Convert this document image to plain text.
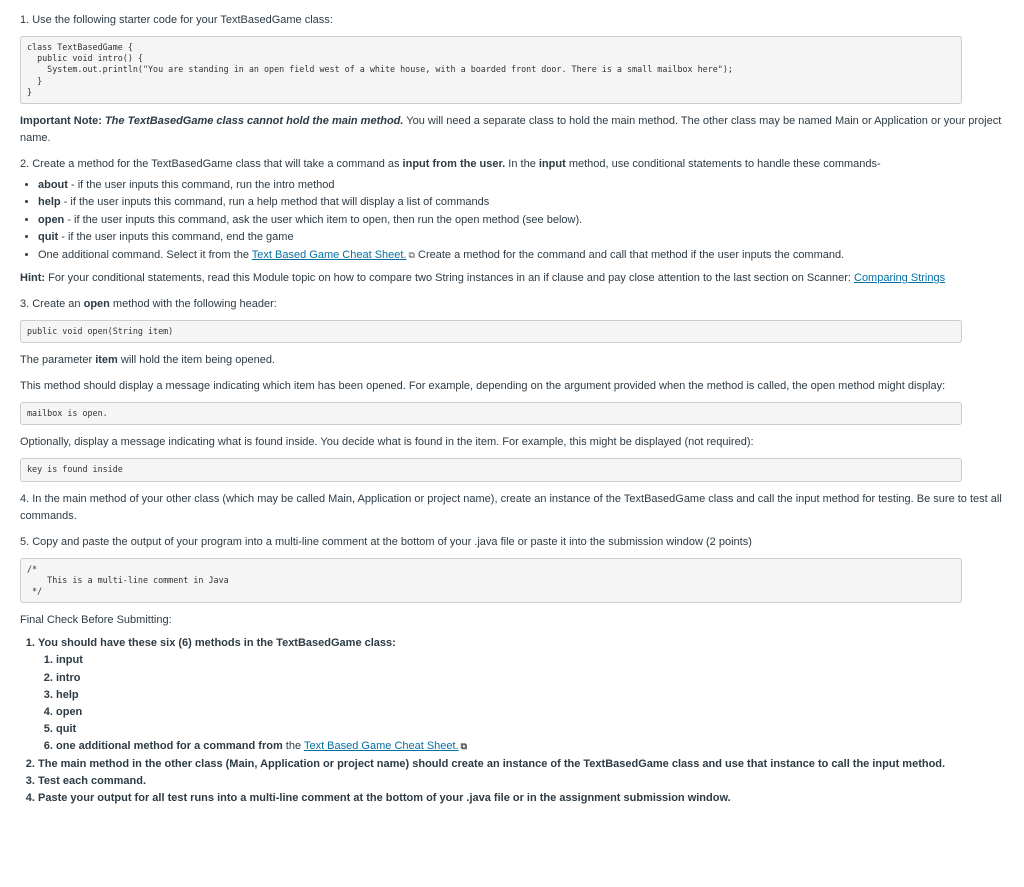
1. Use the following starter code for your TextBasedGame class:

class TextBasedGame {
public void intro() {
System.out.println("You are standing in an open field west of a white house, with a boarded front door. There is a small mailbox here");
}
}

Important Note: The TextBasedGame class cannot hold the main method. You will need a separate class to hold the main method. The other class may be named Main or Application or your project name.

2. Create a method for the TextBasedGame class that will take a command as input from the user. In the input method, use conditional statements to handle these commands-

• about - if the user inputs this command, run the intro method
• help - if the user inputs this command, run a help method that will display a list of commands
• open - if the user inputs this command, ask the user which item to open, then run the open method (see below).
• quit - if the user inputs this command, end the game
• One additional command. Select it from the Text Based Game Cheat Sheet. ⧉ Create a method for the command and call that method if the user inputs the command.

Hint: For your conditional statements, read this Module topic on how to compare two String instances in an if clause and pay close attention to the last section on Scanner: Comparing Strings

3. Create an open method with the following header:

public void open(String item)

The parameter item will hold the item being opened.

This method should display a message indicating which item has been opened. For example, depending on the argument provided when the method is called, the open method might display:

mailbox is open.

Optionally, display a message indicating what is found inside. You decide what is found in the item. For example, this might be displayed (not required):

key is found inside

4. In the main method of your other class (which may be called Main, Application or project name), create an instance of the TextBasedGame class and call the input method for testing. Be sure to test all commands.

5. Copy and paste the output of your program into a multi-line comment at the bottom of your .java file or paste it into the submission window (2 points)

/*
This is a multi-line comment in Java
*/

Final Check Before Submitting:

1. You should have these six (6) methods in the TextBasedGame class:
1. input
2. intro
3. help
4. open
5. quit
6. one additional method for a command from the Text Based Game Cheat Sheet. ⧉
2. The main method in the other class (Main, Application or project name) should create an instance of the TextBasedGame class and use that instance to call the input method.
3. Test each command.
4. Paste your output for all test runs into a multi-line comment at the bottom of your .java file or in the assignment submission window.
